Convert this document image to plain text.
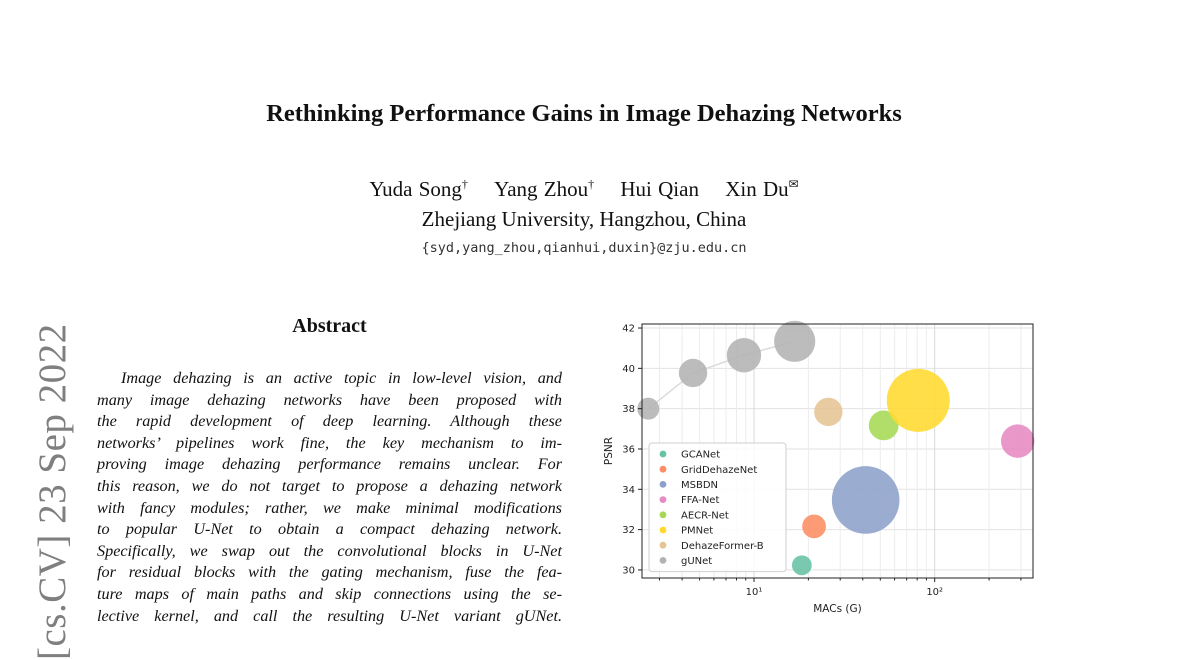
Rethinking Performance Gains in Image Dehazing Networks
Yuda Song† Yang Zhou† Hui Qian Xin Du✉
Zhejiang University, Hangzhou, China
{syd,yang_zhou,qianhui,duxin}@zju.edu.cn
[cs.CV] 23 Sep 2022	Abstract
Image dehazing is an active topic in low-level vision, and
many image dehazing networks have been proposed with
the rapid development of deep learning. Although these
networks’ pipelines work fine, the key mechanism to im-
proving image dehazing performance remains unclear. For
this reason, we do not target to propose a dehazing network
with fancy modules; rather, we make minimal modifications
to popular U-Net to obtain a compact dehazing network.
Specifically, we swap out the convolutional blocks in U-Net
for residual blocks with the gating mechanism, fuse the fea-
ture maps of main paths and skip connections using the se-
lective kernel, and call the resulting U-Net variant gUNet.
30
32
34
36
38
40
42
10¹	10²
MACs (G)
PSNR	GCANet
GridDehazeNet
MSBDN
FFA-Net
AECR-Net
PMNet
DehazeFormer-B
gUNet
